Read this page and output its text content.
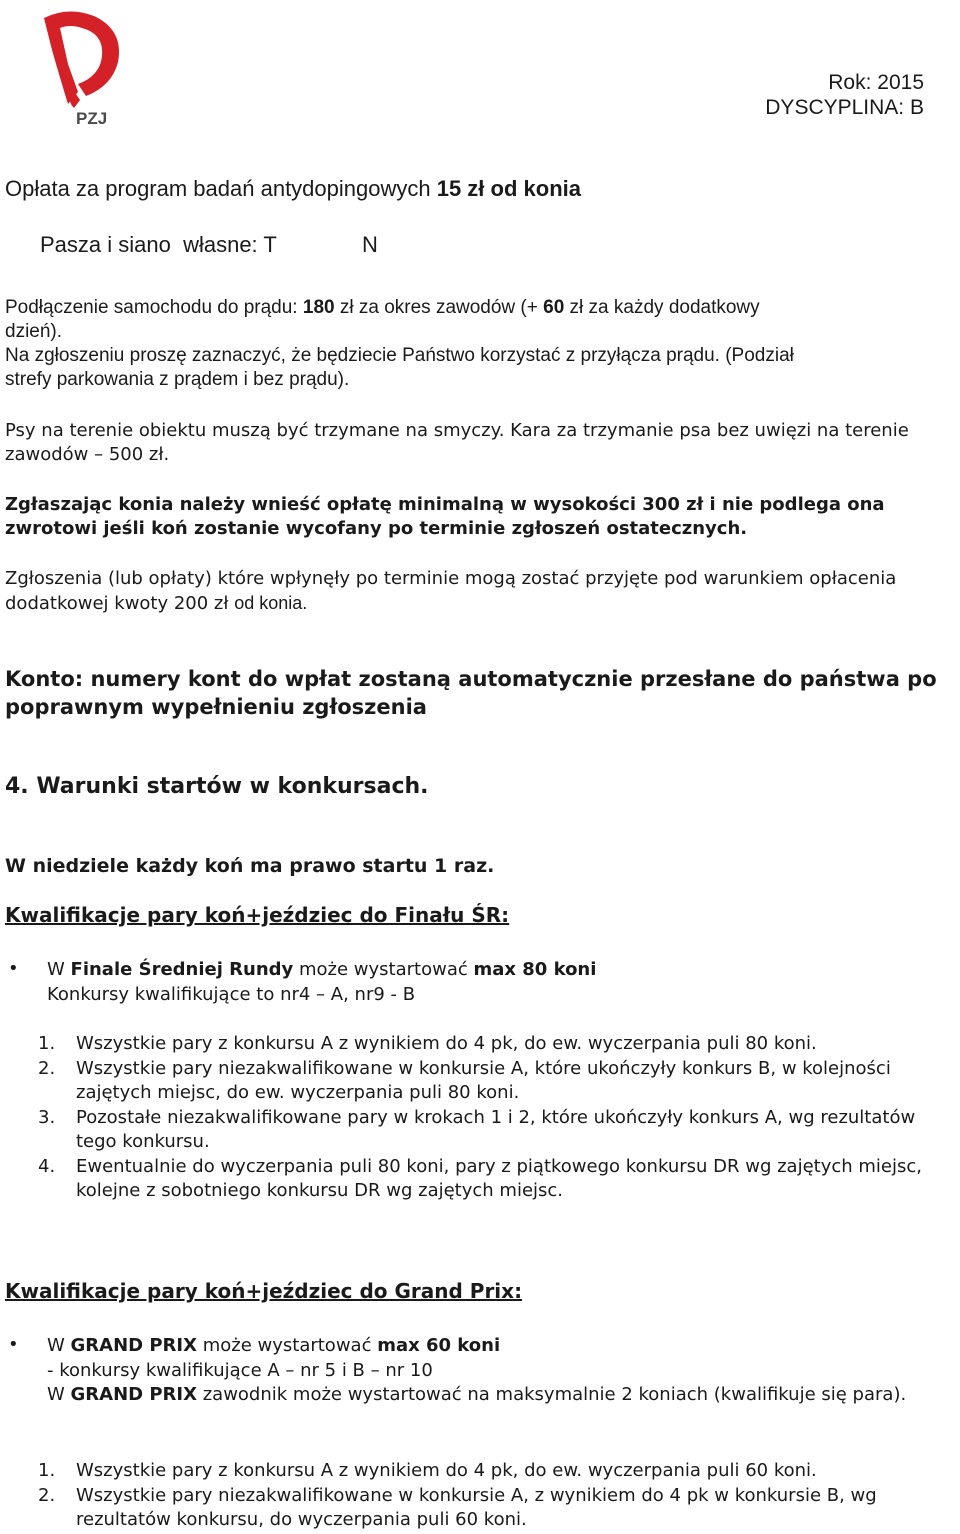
PZJ
Rok: 2015
DYSCYPLINA: B
Opłata za program badań antydopingowych 15 zł od konia
Pasza i siano  własne: T	N
Podłączenie samochodu do prądu: 180 zł za okres zawodów (+ 60 zł za każdy dodatkowy
dzień).
Na zgłoszeniu proszę zaznaczyć, że będziecie Państwo korzystać z przyłącza prądu. (Podział
strefy parkowania z prądem i bez prądu).
Psy na terenie obiektu muszą być trzymane na smyczy. Kara za trzymanie psa bez uwięzi na terenie zawodów – 500 zł.
Zgłaszając konia należy wnieść opłatę minimalną w wysokości 300 zł i nie podlega ona zwrotowi jeśli koń zostanie wycofany po terminie zgłoszeń ostatecznych.
Zgłoszenia (lub opłaty) które wpłynęły po terminie mogą zostać przyjęte pod warunkiem opłacenia dodatkowej kwoty 200 zł od konia.
Konto: numery kont do wpłat zostaną automatycznie przesłane do państwa po poprawnym wypełnieniu zgłoszenia
4. Warunki startów w konkursach.
W niedziele każdy koń ma prawo startu 1 raz.
Kwalifikacje pary koń+jeździec do Finału ŚR:
• W Finale Średniej Rundy może wystartować max 80 koni
Konkursy kwalifikujące to nr4 – A, nr9 - B
1.	Wszystkie pary z konkursu A z wynikiem do 4 pk, do ew. wyczerpania puli 80 koni.
2.	Wszystkie pary niezakwalifikowane w konkursie A, które ukończyły konkurs B, w kolejności zajętych miejsc, do ew. wyczerpania puli 80 koni.
3.	Pozostałe niezakwalifikowane pary w krokach 1 i 2, które ukończyły konkurs A, wg rezultatów tego konkursu.
4.	Ewentualnie do wyczerpania puli 80 koni, pary z piątkowego konkursu DR wg zajętych miejsc, kolejne z sobotniego konkursu DR wg zajętych miejsc.
Kwalifikacje pary koń+jeździec do Grand Prix:
• W GRAND PRIX może wystartować max 60 koni
- konkursy kwalifikujące A – nr 5 i B – nr 10
W GRAND PRIX zawodnik może wystartować na maksymalnie 2 koniach (kwalifikuje się para).
1.	Wszystkie pary z konkursu A z wynikiem do 4 pk, do ew. wyczerpania puli 60 koni.
2.	Wszystkie pary niezakwalifikowane w konkursie A, z wynikiem do 4 pk w konkursie B, wg rezultatów konkursu, do wyczerpania puli 60 koni.
